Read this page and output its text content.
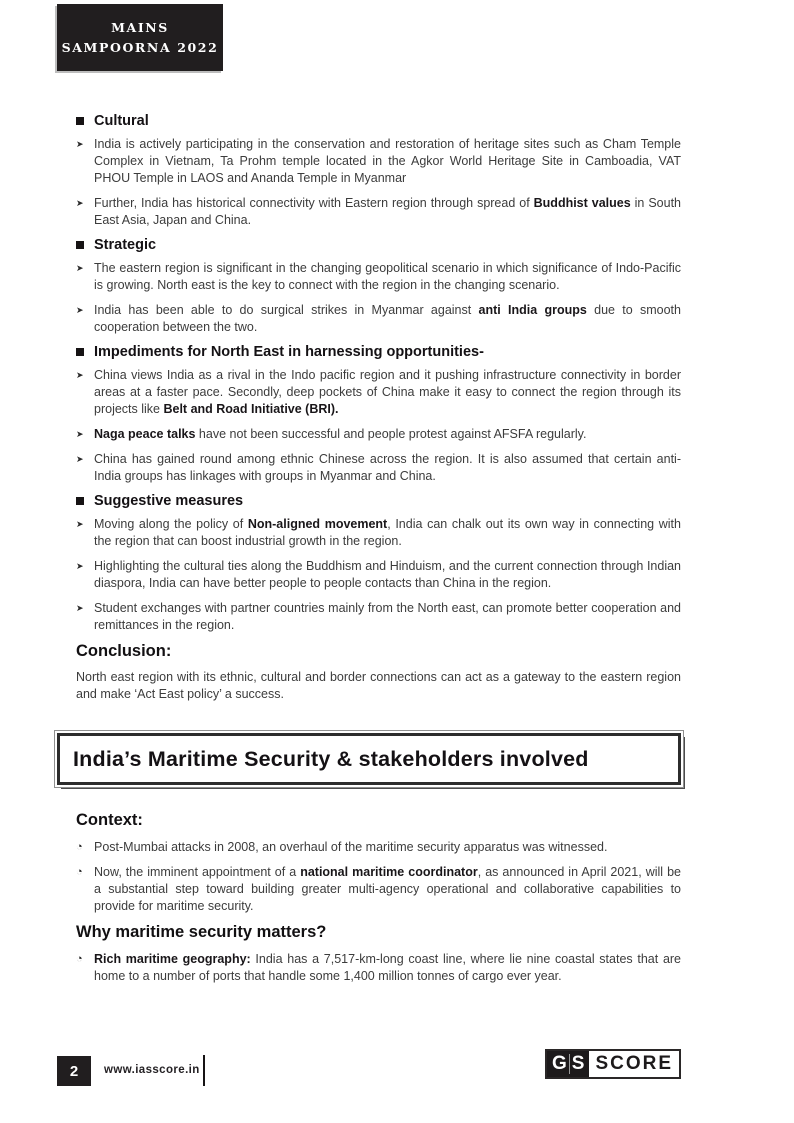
MAINS
SAMPOORNA 2022
Cultural
➤ India is actively participating in the conservation and restoration of heritage sites such as Cham Temple Complex in Vietnam, Ta Prohm temple located in the Agkor World Heritage Site in Camboadia, VAT PHOU Temple in LAOS and Ananda Temple in Myanmar

➤ Further, India has historical connectivity with Eastern region through spread of Buddhist values in South East Asia, Japan and China.

Strategic
➤ The eastern region is significant in the changing geopolitical scenario in which significance of Indo-Pacific is growing. North east is the key to connect with the region in the changing scenario.

➤ India has been able to do surgical strikes in Myanmar against anti India groups due to smooth cooperation between the two.

Impediments for North East in harnessing opportunities-
➤ China views India as a rival in the Indo pacific region and it pushing infrastructure connectivity in border areas at a faster pace. Secondly, deep pockets of China make it easy to connect the region through its projects like Belt and Road Initiative (BRI).

➤ Naga peace talks have not been successful and people protest against AFSFA regularly.

➤ China has gained round among ethnic Chinese across the region. It is also assumed that certain anti- India groups has linkages with groups in Myanmar and China.

Suggestive measures
➤ Moving along the policy of Non-aligned movement, India can chalk out its own way in connecting with the region that can boost industrial growth in the region.

➤ Highlighting the cultural ties along the Buddhism and Hinduism, and the current connection through Indian diaspora, India can have better people to people contacts than China in the region.

➤ Student exchanges with partner countries mainly from the North east, can promote better cooperation and remittances in the region.

Conclusion:

North east region with its ethnic, cultural and border connections can act as a gateway to the eastern region and make ‘Act East policy’ a success.

India’s Maritime Security & stakeholders involved
Context:
◔ Post-Mumbai attacks in 2008, an overhaul of the maritime security apparatus was witnessed.

◔ Now, the imminent appointment of a national maritime coordinator, as announced in April 2021, will be a substantial step toward building greater multi-agency operational and collaborative capabilities to provide for maritime security.

Why maritime security matters?
◔ Rich maritime geography: India has a 7,517-km-long coast line, where lie nine coastal states that are home to a number of ports that handle some 1,400 million tonnes of cargo ever year.

2 www.iasscore.in	G S SCORE
